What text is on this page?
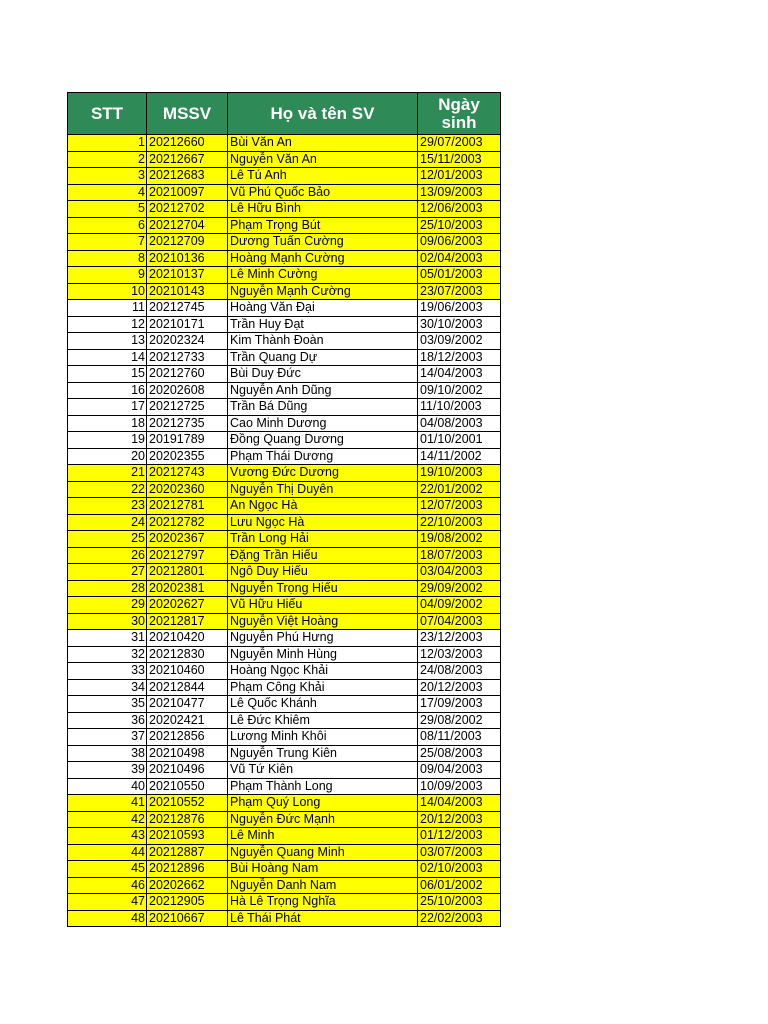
STT	MSSV	Họ và tên SV	Ngày
sinh
1	20212660	Bùi Văn An	29/07/2003
2	20212667	Nguyễn Văn An	15/11/2003
3	20212683	Lê Tú Anh	12/01/2003
4	20210097	Vũ Phú Quốc Bảo	13/09/2003
5	20212702	Lê Hữu Bình	12/06/2003
6	20212704	Phạm Trọng Bút	25/10/2003
7	20212709	Dương Tuấn Cường	09/06/2003
8	20210136	Hoàng Mạnh Cường	02/04/2003
9	20210137	Lê Minh Cường	05/01/2003
10	20210143	Nguyễn Mạnh Cường	23/07/2003
11	20212745	Hoàng Văn Đại	19/06/2003
12	20210171	Trần Huy Đạt	30/10/2003
13	20202324	Kim Thành Đoàn	03/09/2002
14	20212733	Trần Quang Dự	18/12/2003
15	20212760	Bùi Duy Đức	14/04/2003
16	20202608	Nguyễn Anh Dũng	09/10/2002
17	20212725	Trần Bá Dũng	11/10/2003
18	20212735	Cao Minh Dương	04/08/2003
19	20191789	Đồng Quang Dương	01/10/2001
20	20202355	Phạm Thái Dương	14/11/2002
21	20212743	Vương Đức Dương	19/10/2003
22	20202360	Nguyễn Thị Duyên	22/01/2002
23	20212781	An Ngọc Hà	12/07/2003
24	20212782	Lưu Ngọc Hà	22/10/2003
25	20202367	Trần Long Hải	19/08/2002
26	20212797	Đặng Trần Hiếu	18/07/2003
27	20212801	Ngô Duy Hiếu	03/04/2003
28	20202381	Nguyễn Trọng Hiếu	29/09/2002
29	20202627	Vũ Hữu Hiếu	04/09/2002
30	20212817	Nguyễn Việt Hoàng	07/04/2003
31	20210420	Nguyễn Phú Hưng	23/12/2003
32	20212830	Nguyễn Minh Hùng	12/03/2003
33	20210460	Hoàng Ngọc Khải	24/08/2003
34	20212844	Phạm Công Khải	20/12/2003
35	20210477	Lê Quốc Khánh	17/09/2003
36	20202421	Lê Đức Khiêm	29/08/2002
37	20212856	Lương Minh Khôi	08/11/2003
38	20210498	Nguyễn Trung Kiên	25/08/2003
39	20210496	Vũ Tứ Kiên	09/04/2003
40	20210550	Phạm Thành Long	10/09/2003
41	20210552	Phạm Quý Long	14/04/2003
42	20212876	Nguyễn Đức Mạnh	20/12/2003
43	20210593	Lê Minh	01/12/2003
44	20212887	Nguyễn Quang Minh	03/07/2003
45	20212896	Bùi Hoàng Nam	02/10/2003
46	20202662	Nguyễn Danh Nam	06/01/2002
47	20212905	Hà Lê Trọng Nghĩa	25/10/2003
48	20210667	Lê Thái Phát	22/02/2003
